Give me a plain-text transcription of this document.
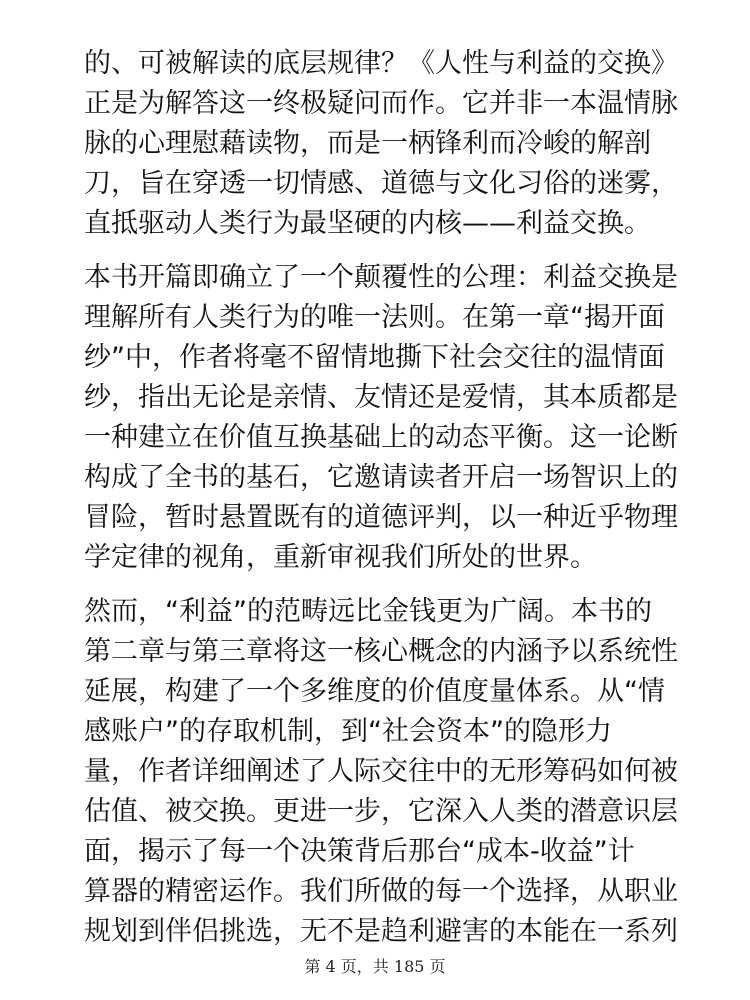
的、可被解读的底层规律？《人性与利益的交换》
正是为解答这一终极疑问而作。它并非一本温情脉
脉的心理慰藉读物，而是一柄锋利而冷峻的解剖
刀，旨在穿透一切情感、道德与文化习俗的迷雾，
直抵驱动人类行为最坚硬的内核——利益交换。

本书开篇即确立了一个颠覆性的公理：利益交换是
理解所有人类行为的唯一法则。在第一章“揭开面
纱”中，作者将毫不留情地撕下社会交往的温情面
纱，指出无论是亲情、友情还是爱情，其本质都是
一种建立在价值互换基础上的动态平衡。这一论断
构成了全书的基石，它邀请读者开启一场智识上的
冒险，暂时悬置既有的道德评判，以一种近乎物理
学定律的视角，重新审视我们所处的世界。

然而，“利益”的范畴远比金钱更为广阔。本书的
第二章与第三章将这一核心概念的内涵予以系统性
延展，构建了一个多维度的价值度量体系。从“情
感账户”的存取机制，到“社会资本”的隐形力
量，作者详细阐述了人际交往中的无形筹码如何被
估值、被交换。更进一步，它深入人类的潜意识层
面，揭示了每一个决策背后那台“成本-收益”计
算器的精密运作。我们所做的每一个选择，从职业
规划到伴侣挑选，无不是趋利避害的本能在一系列

第 4 页，共 185 页
